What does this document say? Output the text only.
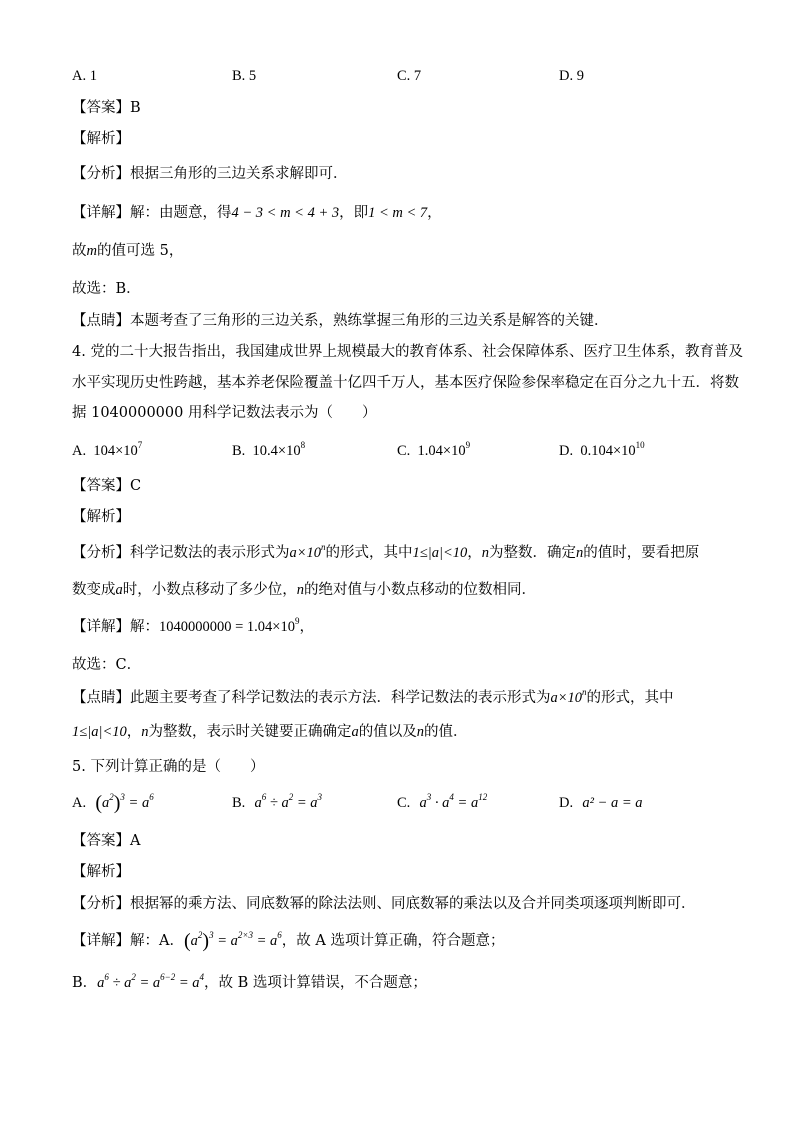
A. 1	B. 5	C. 7	D. 9
【答案】B
【解析】
【分析】根据三角形的三边关系求解即可．
【详解】解：由题意，得4 − 3 < m < 4 + 3，即1 < m < 7，
故m的值可选 5，
故选：B．
【点睛】本题考查了三角形的三边关系，熟练掌握三角形的三边关系是解答的关键．
4. 党的二十大报告指出，我国建成世界上规模最大的教育体系、社会保障体系、医疗卫生体系，教育普及
水平实现历史性跨越，基本养老保险覆盖十亿四千万人，基本医疗保险参保率稳定在百分之九十五．将数
据 1040000000 用科学记数法表示为（　　）
A. $104\times 10^7$	B. $10.4\times 10^8$	C. $1.04\times 10^9$	D. $0.104\times 10^{10}$
【答案】C
【解析】
【分析】科学记数法的表示形式为$a\times 10^n$的形式，其中1≤|a|<10，n为整数．确定n的值时，要看把原
数变成a时，小数点移动了多少位，n的绝对值与小数点移动的位数相同．
【详解】解：$1040000000 = 1.04\times 10^9$，
故选：C．
【点睛】此题主要考查了科学记数法的表示方法．科学记数法的表示形式为$a\times 10^n$的形式，其中
1≤|a|<10，n为整数，表示时关键要正确确定a的值以及n的值．
5. 下列计算正确的是（　　）
A. $(a^2)^3 = a^6$	B. $a^6 \div a^2 = a^3$	C. $a^3 \cdot a^4 = a^{12}$	D. a² − a = a
【答案】A
【解析】
【分析】根据幂的乘方法、同底数幂的除法法则、同底数幂的乘法以及合并同类项逐项判断即可．
【详解】解：A．$(a^2)^3 = a^{2\times 3} = a^6$，故 A 选项计算正确，符合题意；
B．$a^6 \div a^2 = a^{6-2} = a^4$，故 B 选项计算错误，不合题意；
